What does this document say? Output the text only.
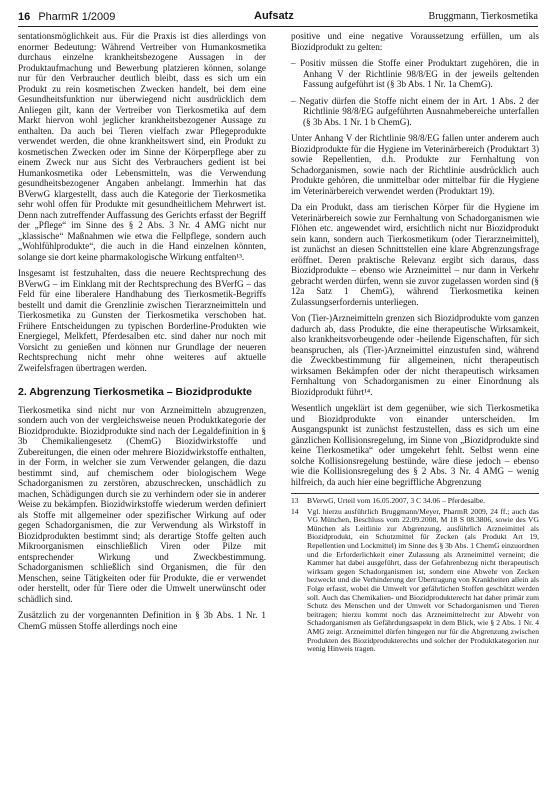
16 PharmR 1/2009	Aufsatz	Bruggmann, Tierkosmetika

sentationsmöglichkeit aus. Für die Praxis ist dies allerdings von enormer Bedeutung: Während Vertreiber von Humankosmetika durchaus einzelne krankheitsbezogene Aussagen in der Produktaufmachung und Bewerbung platzieren können, solange nur für den Verbraucher deutlich bleibt, dass es sich um ein Produkt zu rein kosmetischen Zwecken handelt, bei dem eine Gesundheitsfunktion nur überwiegend nicht ausdrücklich dem Anliegen gilt, kann der Vertreiber von Tierkosmetika auf dem Markt hiervon wohl jeglicher krankheitsbezogener Aussage zu enthalten. Da auch bei Tieren vielfach zwar Pflegeprodukte verwendet werden, die ohne krankheitswert sind, ein Produkt zu kosmetischen Zwecken oder im Sinne der Körperpflege aber zu einem Zweck nur aus Sicht des Verbrauchers gedient ist bei Humankosmetika oder Lebensmitteln, was die Verwendung gesundheitsbezogener Angaben anbelangt. Immerhin hat das BVerwG klargestellt, dass auch die Kategorie der Tierkosmetika sehr wohl offen für Produkte mit gesundheitlichem Mehrwert ist. Denn nach zutreffender Auffassung des Gerichts erfasst der Begriff der „Pflege“ im Sinne des § 2 Abs. 3 Nr. 4 AMG nicht nur „klassische“ Maßnahmen wie etwa die Fellpflege, sondern auch „Wohlfühlprodukte“, die auch in die Hand einzelnen könnten, solange sie dort keine pharmakologische Wirkung entfalten¹³.

Insgesamt ist festzuhalten, dass die neuere Rechtsprechung des BVerwG – im Einklang mit der Rechtsprechung des BVerfG – das Feld für eine liberalere Handhabung des Tierkosmetik-Begriffs bestellt und damit die Grenzlinie zwischen Tierarzneimitteln und Tierkosmetika zu Gunsten der Tierkosmetika verschoben hat. Frühere Entscheidungen zu typischen Borderline-Produkten wie Energiegel, Melkfett, Pferdesalben etc. sind daher nur noch mit Vorsicht zu genießen und können nur Grundlage der neueren Rechtsprechung nicht mehr ohne weiteres auf aktuelle Zweifelsfragen übertragen werden.

2. Abgrenzung Tierkosmetika – Biozidprodukte

Tierkosmetika sind nicht nur von Arzneimitteln abzugrenzen, sondern auch von der vergleichsweise neuen Produktkategorie der Biozidprodukte. Biozidprodukte sind nach der Legaldefinition in § 3b Chemikaliengesetz (ChemG) Biozidwirkstoffe und Zubereitungen, die einen oder mehrere Biozidwirkstoffe enthalten, in der Form, in welcher sie zum Verwender gelangen, die dazu bestimmt sind, auf chemischem oder biologischem Wege Schadorganismen zu zerstören, abzuschrecken, unschädlich zu machen, Schädigungen durch sie zu verhindern oder sie in anderer Weise zu bekämpfen. Biozidwirkstoffe wiederum werden definiert als Stoffe mit allgemeiner oder spezifischer Wirkung auf oder gegen Schadorganismen, die zur Verwendung als Wirkstoff in Biozidprodukten bestimmt sind; als derartige Stoffe gelten auch Mikroorganismen einschließlich Viren oder Pilze mit entsprechender Wirkung und Zweckbestimmung. Schadorganismen schließlich sind Organismen, die für den Menschen, seine Tätigkeiten oder für Produkte, die er verwendet oder herstellt, oder für Tiere oder die Umwelt unerwünscht oder schädlich sind.

Zusätzlich zu der vorgenannten Definition in § 3b Abs. 1 Nr. 1 ChemG müssen Stoffe allerdings noch eine

positive und eine negative Voraussetzung erfüllen, um als Biozidprodukt zu gelten:

– Positiv müssen die Stoffe einer Produktart zugehören, die in Anhang V der Richtlinie 98/8/EG in der jeweils geltenden Fassung aufgeführt ist (§ 3b Abs. 1 Nr. 1a ChemG).

– Negativ dürfen die Stoffe nicht einem der in Art. 1 Abs. 2 der Richtlinie 98/8/EG aufgeführten Ausnahmebereiche unterfallen (§ 3b Abs. 1 Nr. 1 b ChemG).

Unter Anhang V der Richtlinie 98/8/EG fallen unter anderem auch Biozidprodukte für die Hygiene im Veterinärbereich (Produktart 3) sowie Repellentien, d.h. Produkte zur Fernhaltung von Schadorganismen, sowie nach der Richtlinie ausdrücklich auch Produkte gehören, die unmittelbar oder mittelbar für die Hygiene im Veterinärbereich verwendet werden (Produktart 19).

Da ein Produkt, dass am tierischen Körper für die Hygiene im Veterinärbereich sowie zur Fernhaltung von Schadorganismen wie Flöhen etc. angewendet wird, ersichtlich nicht nur Biozidprodukt sein kann, sondern auch Tierkosmetikum (oder Tierarzneimittel), ist zunächst an diesen Schnittstellen eine klare Abgrenzungsfrage eröffnet. Deren praktische Relevanz ergibt sich daraus, dass Biozidprodukte – ebenso wie Arzneimittel – nur dann in Verkehr gebracht werden dürfen, wenn sie zuvor zugelassen worden sind (§ 12a Satz 1 ChemG), während Tierkosmetika keinen Zulassungserfordernis unterliegen.

Von (Tier-)Arzneimitteln grenzen sich Biozidprodukte vom ganzen dadurch ab, dass Produkte, die eine therapeutische Wirksamkeit, also krankheitsvorbeugende oder -heilende Eigenschaften, für sich beanspruchen, als (Tier-)Arzneimittel einzustufen sind, während die Zweckbestimmung für allgemeinen, nicht therapeutisch wirksamen Bekämpfen oder der nicht therapeutisch wirksamen Fernhaltung von Schadorganismen zu einer Einordnung als Biozidprodukt führt¹⁴.

Wesentlich ungeklärt ist dem gegenüber, wie sich Tierkosmetika und Biozidprodukte von einander unterscheiden. Im Ausgangspunkt ist zunächst festzustellen, dass es sich um eine gänzlichen Kollisionsregelung, im Sinne von „Biozidprodukte sind keine Tierkosmetika“ oder umgekehrt fehlt. Selbst wenn eine solche Kollisionsregelung bestünde, wäre diese jedoch – ebenso wie die Kollisionsregelung des § 2 Abs. 3 Nr. 4 AMG – wenig hilfreich, da auch hier eine begriffliche Abgrenzung

13	BVerwG, Urteil vom 16.05.2007, 3 C 34.06 – Pferdesalbe.
14	Vgl. hierzu ausführlich Bruggmann/Meyer, PharmR 2009, 24 ff.; auch das VG München, Beschluss vom 22.09.2008, M 18 S 08.3806, sowie des VG München als Leitlinie zur Abgrenzung, ausführlich Arzneimittel als Biozidprodukt, ein Schutzmittel für Zecken (als Produkt Art 19, Repellentien und Lockmittel) im Sinne des § 3b Abs. 1 ChemG einzuordnen und die Erforderlichkeit einer Zulassung als Arzneimittel verneint; die Kammer hat dabei ausgeführt, dass der Gefahrenbezug nicht therapeutisch wirksam gegen Schadorganismen ist, sondern eine Abwehr von Zecken bezweckt und die Verhinderung der Übertragung von Krankheiten allein als Folge erfasst, wobei die Umwelt vor gefährlichen Stoffen geschützt werden soll. Auch das Chemikalien- und Biozidprodukterecht hat daher primär zum Schutz des Menschen und der Umwelt vor Schadorganismen und Tieren beitragen; hierzu kommt noch das Arzneimittelrecht zur Abwehr von Schadorganismen als Gefährdungsaspekt in dem Blick, wie § 2 Abs. 1 Nr. 4 AMG zeigt. Arzneimittel dürfen hingegen nur für die Abgrenzung zwischen Produkten des Biozidprodukterechts und solcher der Produktkategorien nur wenig Hinweis tragen.
